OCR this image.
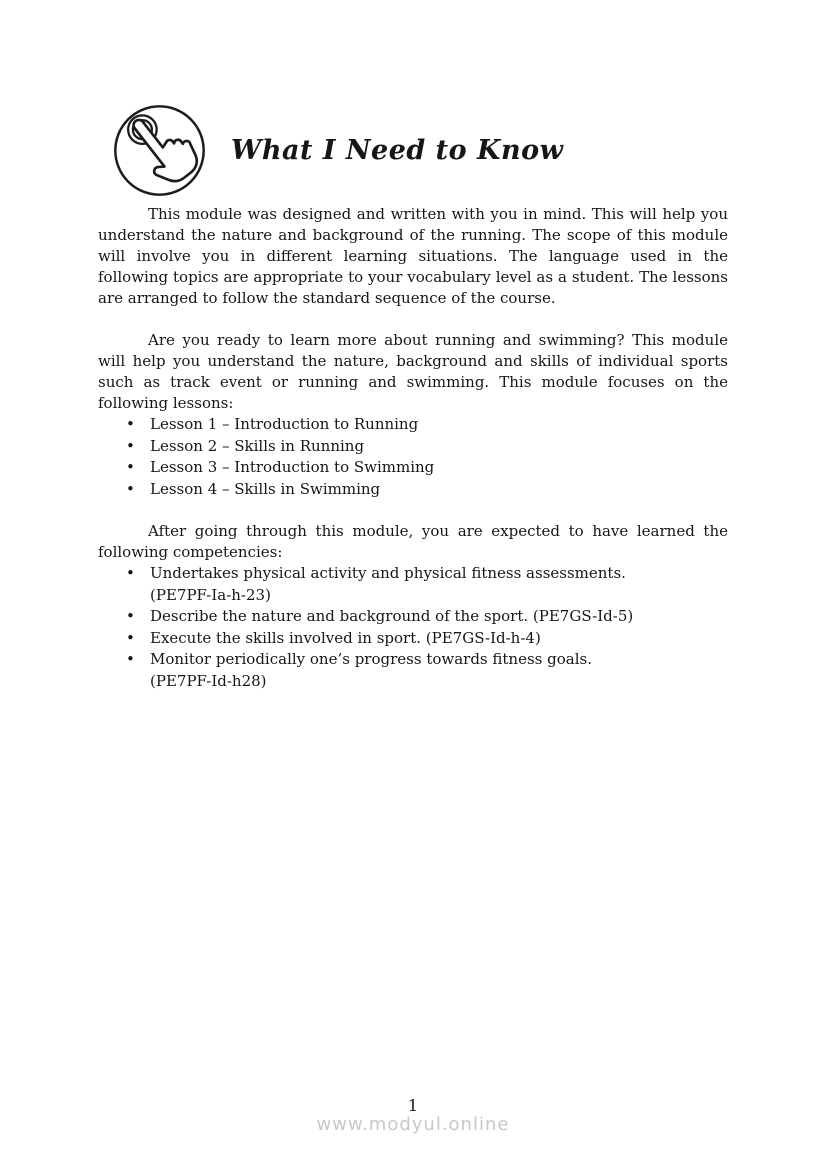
What I Need to Know

This module was designed and written with you in mind. This will help you understand the nature and background of the running. The scope of this module will involve you in different learning situations. The language used in the following topics are appropriate to your vocabulary level as a student. The lessons are arranged to follow the standard sequence of the course.

Are you ready to learn more about running and swimming? This module will help you understand the nature, background and skills of individual sports such as track event or running and swimming. This module focuses on the following lessons:

• Lesson 1 – Introduction to Running
• Lesson 2 – Skills in Running
• Lesson 3 – Introduction to Swimming
• Lesson 4 – Skills in Swimming

After going through this module, you are expected to have learned the following competencies:

• Undertakes physical activity and physical fitness assessments.
(PE7PF-Ia-h-23)
• Describe the nature and background of the sport. (PE7GS-Id-5)
• Execute the skills involved in sport. (PE7GS-Id-h-4)
• Monitor periodically one’s progress towards fitness goals.
(PE7PF-Id-h28)
1
www.modyul.online
